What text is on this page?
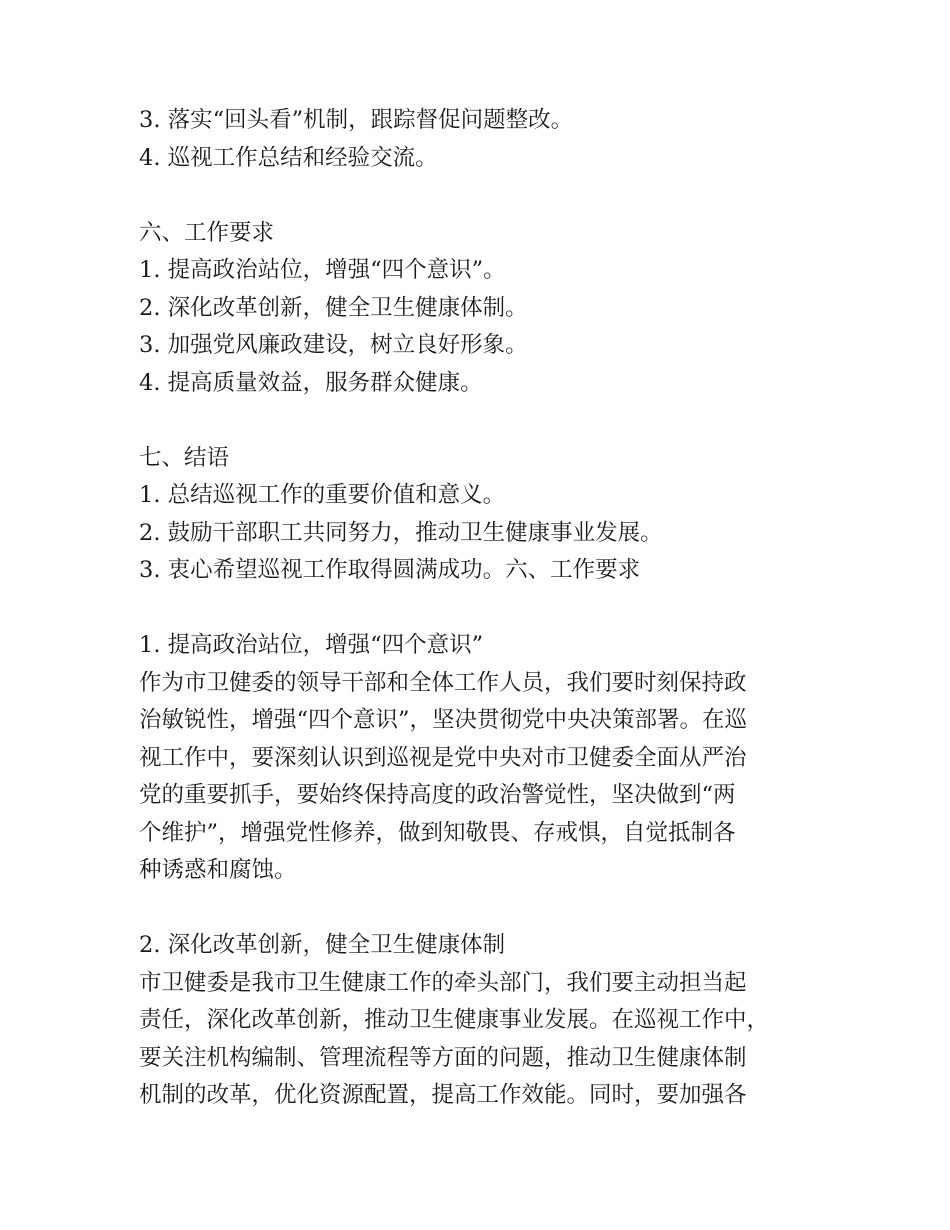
3. 落实“回头看”机制，跟踪督促问题整改。
4. 巡视工作总结和经验交流。
六、工作要求
1. 提高政治站位，增强“四个意识”。
2. 深化改革创新，健全卫生健康体制。
3. 加强党风廉政建设，树立良好形象。
4. 提高质量效益，服务群众健康。
七、结语
1. 总结巡视工作的重要价值和意义。
2. 鼓励干部职工共同努力，推动卫生健康事业发展。
3. 衷心希望巡视工作取得圆满成功。六、工作要求
1. 提高政治站位，增强“四个意识”
作为市卫健委的领导干部和全体工作人员，我们要时刻保持政
治敏锐性，增强“四个意识”，坚决贯彻党中央决策部署。在巡
视工作中，要深刻认识到巡视是党中央对市卫健委全面从严治
党的重要抓手，要始终保持高度的政治警觉性，坚决做到“两
个维护”，增强党性修养，做到知敬畏、存戒惧，自觉抵制各
种诱惑和腐蚀。
2. 深化改革创新，健全卫生健康体制
市卫健委是我市卫生健康工作的牵头部门，我们要主动担当起
责任，深化改革创新，推动卫生健康事业发展。在巡视工作中，
要关注机构编制、管理流程等方面的问题，推动卫生健康体制
机制的改革，优化资源配置，提高工作效能。同时，要加强各
